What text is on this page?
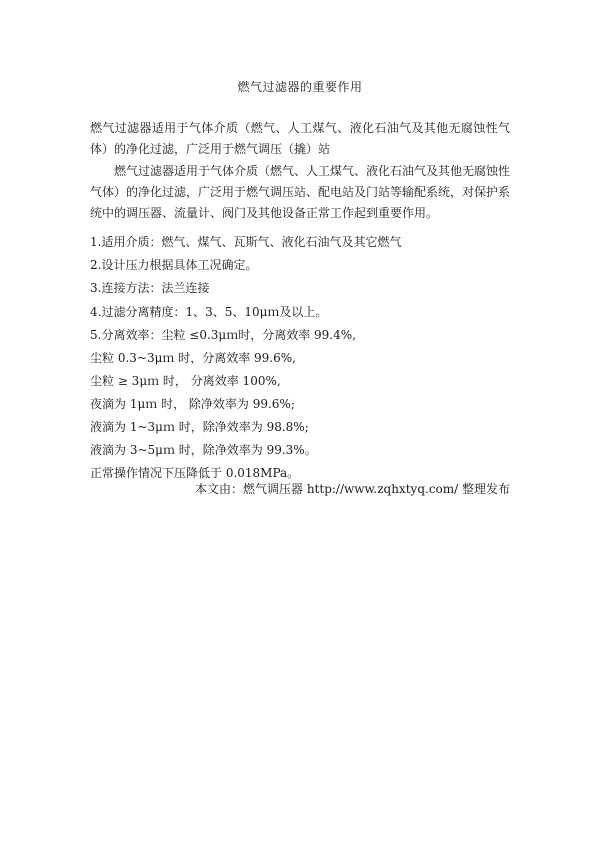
燃气过滤器的重要作用

燃气过滤器适用于气体介质（燃气、人工煤气、液化石油气及其他无腐蚀性气体）的净化过滤，广泛用于燃气调压（撬）站

燃气过滤器适用于气体介质（燃气、人工煤气、液化石油气及其他无腐蚀性气体）的净化过滤，广泛用于燃气调压站、配电站及门站等输配系统，对保护系统中的调压器、流量计、阀门及其他设备正常工作起到重要作用。

1.适用介质：燃气、煤气、瓦斯气、液化石油气及其它燃气
2.设计压力根据具体工况确定。
3.连接方法：法兰连接
4.过滤分离精度：1、3、5、10μｍ及以上。
5.分离效率：尘粒 ≤0.3μｍ时，分离效率 99.4%,
尘粒 0.3~3μｍ 时，分离效率 99.6%,
尘粒 ≥ 3μｍ 时， 分离效率 100%,
夜滴为 1μｍ 时， 除净效率为 99.6%;
液滴为 1~3μｍ 时，除净效率为 98.8%;
液滴为 3~5μｍ 时，除净效率为 99.3%。
正常操作情况下压降低于 0.018MPa。
本文由：燃气调压器 http://www.zqhxtyq.com/ 整理发布
